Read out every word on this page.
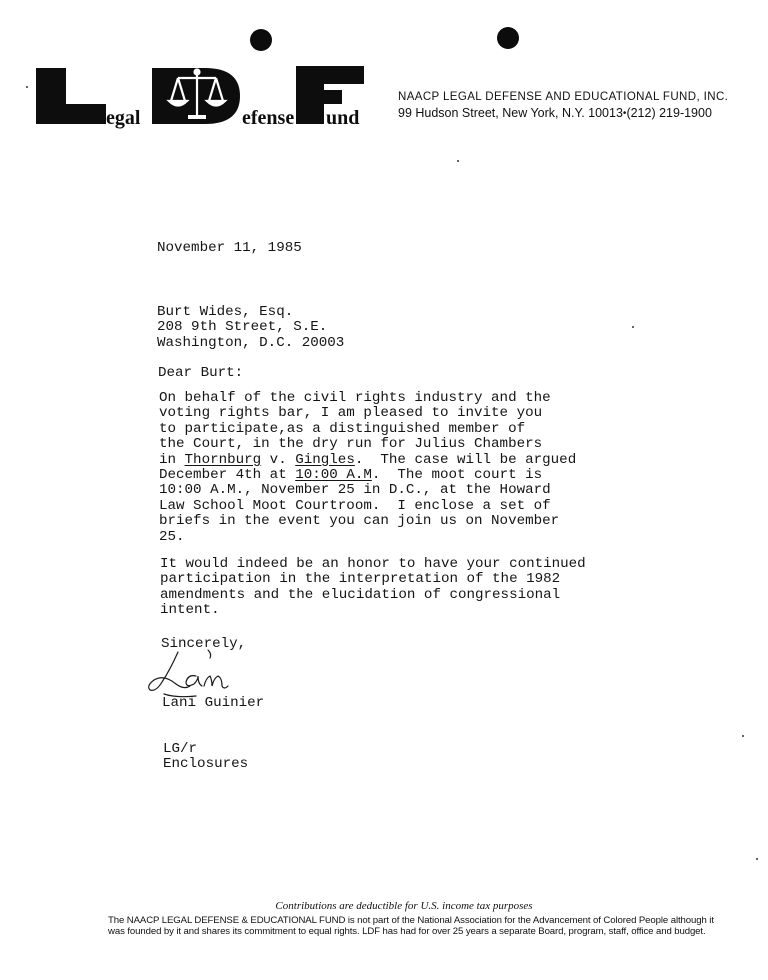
egal	efense und
NAACP LEGAL DEFENSE AND EDUCATIONAL FUND, INC.
99 Hudson Street, New York, N.Y. 10013•(212) 219-1900
November 11, 1985
Burt Wides, Esq.
208 9th Street, S.E.
Washington, D.C. 20003
Dear Burt:
On behalf of the civil rights industry and the
voting rights bar, I am pleased to invite you
to participate,as a distinguished member of
the Court, in the dry run for Julius Chambers
in Thornburg v. Gingles.  The case will be argued
December 4th at 10:00 A.M.  The moot court is
10:00 A.M., November 25 in D.C., at the Howard
Law School Moot Courtroom.  I enclose a set of
briefs in the event you can join us on November
25.
It would indeed be an honor to have your continued
participation in the interpretation of the 1982
amendments and the elucidation of congressional
intent.
Sincerely,
Lani Guinier
LG/r
Enclosures
Contributions are deductible for U.S. income tax purposes
The NAACP LEGAL DEFENSE & EDUCATIONAL FUND is not part of the National Association for the Advancement of Colored People although it
was founded by it and shares its commitment to equal rights. LDF has had for over 25 years a separate Board, program, staff, office and budget.
